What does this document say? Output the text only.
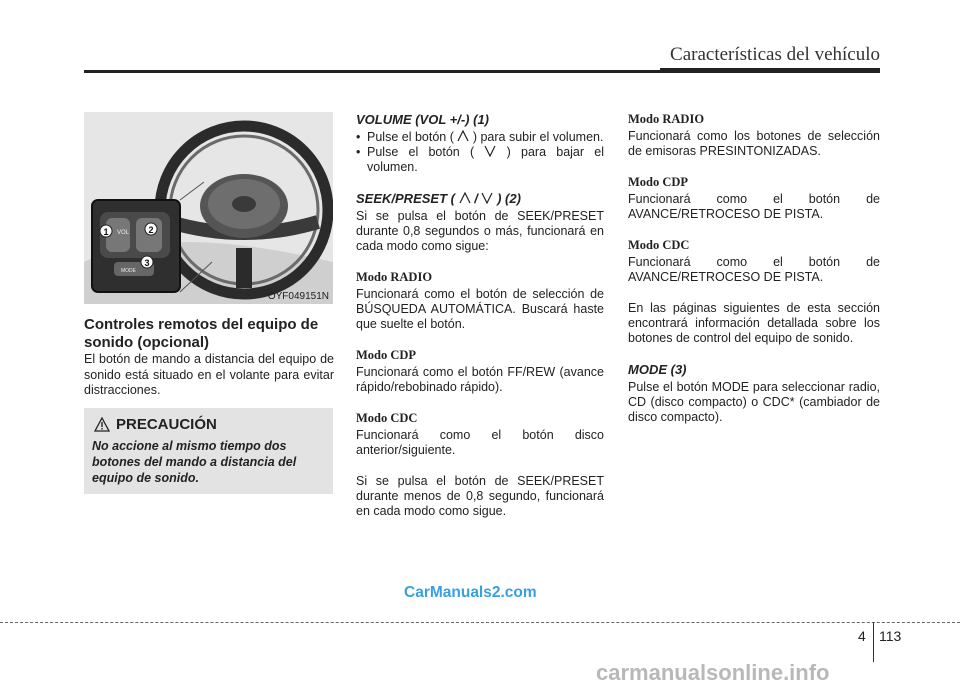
Características del vehículo
VOL
MODE
1	2
3
OYF049151N
Controles remotos del equipo de sonido (opcional)

El botón de mando a distancia del equipo de sonido está situado en el volante para evitar distracciones.

PRECAUCIÓN
No accione al mismo tiempo dos botones del mando a distancia del equipo de sonido.
VOLUME (VOL +/-) (1)
• Pulse el botón ( ) para subir el volumen.
• Pulse el botón (	) para bajar el volumen.
SEEK/PRESET ( / ) (2)

Si se pulsa el botón de SEEK/PRESET durante 0,8 segundos o más, funcionará en cada modo como sigue:

Modo RADIO

Funcionará como el botón de selección de BÚSQUEDA AUTOMÁTICA. Buscará haste que suelte el botón.

Modo CDP

Funcionará como el botón FF/REW (avance rápido/rebobinado rápido).

Modo CDC

Funcionará como el botón disco anterior/siguiente.

Si se pulsa el botón de SEEK/PRESET durante menos de 0,8 segundo, funcionará en cada modo como sigue.

Modo RADIO

Funcionará como los botones de selección de emisoras PRESINTONIZADAS.

Modo CDP

Funcionará como el botón de AVANCE/RETROCESO DE PISTA.

Modo CDC

Funcionará como el botón de AVANCE/RETROCESO DE PISTA.

En las páginas siguientes de esta sección encontrará información detallada sobre los botones de control del equipo de sonido.

MODE (3)

Pulse el botón MODE para seleccionar radio, CD (disco compacto) o CDC* (cambiador de disco compacto).

CarManuals2.com
4 113
carmanualsonline.info
